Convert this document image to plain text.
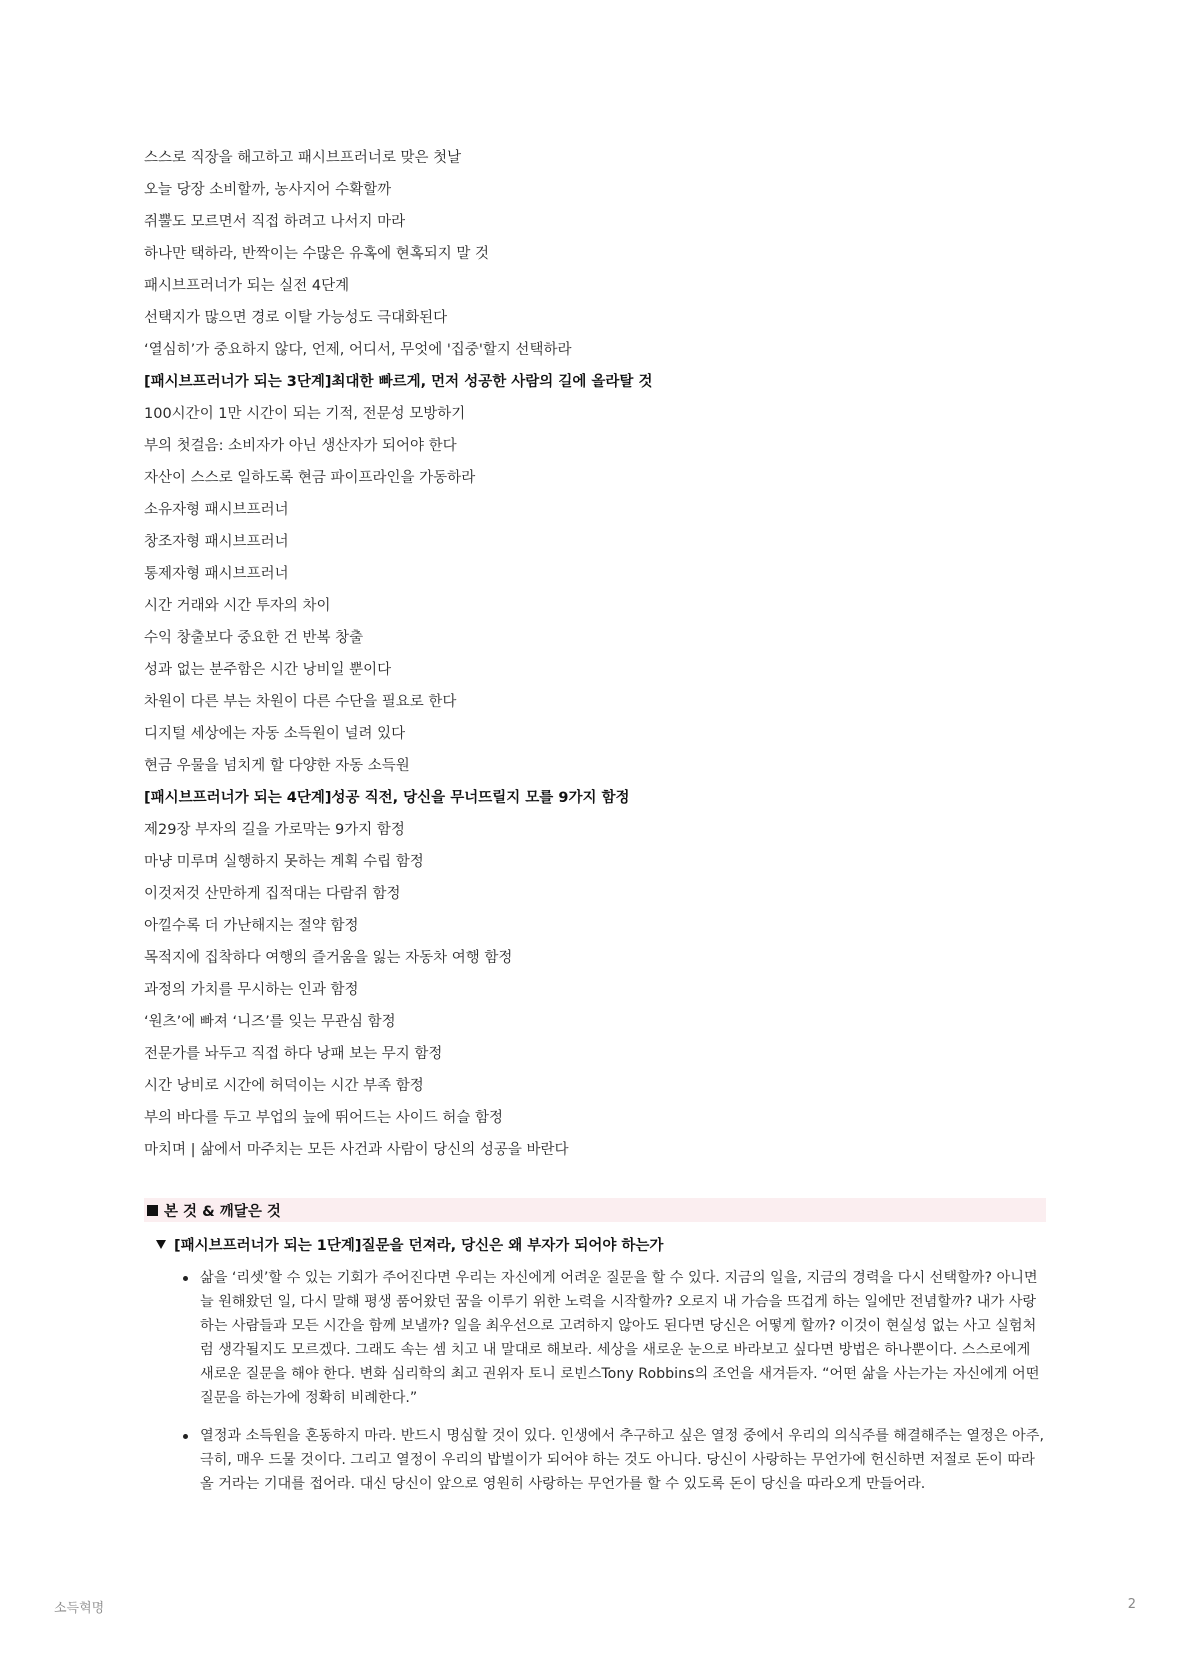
스스로 직장을 해고하고 패시브프러너로 맞은 첫날
오늘 당장 소비할까, 농사지어 수확할까
쥐뿔도 모르면서 직접 하려고 나서지 마라
하나만 택하라, 반짝이는 수많은 유혹에 현혹되지 말 것
패시브프러너가 되는 실전 4단계
선택지가 많으면 경로 이탈 가능성도 극대화된다
‘열심히’가 중요하지 않다, 언제, 어디서, 무엇에 '집중'할지 선택하라
[패시브프러너가 되는 3단계]최대한 빠르게, 먼저 성공한 사람의 길에 올라탈 것
100시간이 1만 시간이 되는 기적, 전문성 모방하기
부의 첫걸음: 소비자가 아닌 생산자가 되어야 한다
자산이 스스로 일하도록 현금 파이프라인을 가동하라
소유자형 패시브프러너
창조자형 패시브프러너
통제자형 패시브프러너
시간 거래와 시간 투자의 차이
수익 창출보다 중요한 건 반복 창출
성과 없는 분주함은 시간 낭비일 뿐이다
차원이 다른 부는 차원이 다른 수단을 필요로 한다
디지털 세상에는 자동 소득원이 널려 있다
현금 우물을 넘치게 할 다양한 자동 소득원
[패시브프러너가 되는 4단계]성공 직전, 당신을 무너뜨릴지 모를 9가지 함정
제29장 부자의 길을 가로막는 9가지 함정
마냥 미루며 실행하지 못하는 계획 수립 함정
이것저것 산만하게 집적대는 다람쥐 함정
아낄수록 더 가난해지는 절약 함정
목적지에 집착하다 여행의 즐거움을 잃는 자동차 여행 함정
과정의 가치를 무시하는 인과 함정
‘원츠’에 빠져 ‘니즈’를 잊는 무관심 함정
전문가를 놔두고 직접 하다 낭패 보는 무지 함정
시간 낭비로 시간에 허덕이는 시간 부족 함정
부의 바다를 두고 부업의 늪에 뛰어드는 사이드 허슬 함정
마치며 | 삶에서 마주치는 모든 사건과 사람이 당신의 성공을 바란다
본 것 & 깨달은 것
[패시브프러너가 되는 1단계]질문을 던져라, 당신은 왜 부자가 되어야 하는가
삶을 ‘리셋’할 수 있는 기회가 주어진다면 우리는 자신에게 어려운 질문을 할 수 있다. 지금의 일을, 지금의 경력을 다시 선택할까? 아니면 늘 원해왔던 일, 다시 말해 평생 품어왔던 꿈을 이루기 위한 노력을 시작할까? 오로지 내 가슴을 뜨겁게 하는 일에만 전념할까? 내가 사랑하는 사람들과 모든 시간을 함께 보낼까? 일을 최우선으로 고려하지 않아도 된다면 당신은 어떻게 할까? 이것이 현실성 없는 사고 실험처럼 생각될지도 모르겠다. 그래도 속는 셈 치고 내 말대로 해보라. 세상을 새로운 눈으로 바라보고 싶다면 방법은 하나뿐이다. 스스로에게 새로운 질문을 해야 한다. 변화 심리학의 최고 권위자 토니 로빈스Tony Robbins의 조언을 새겨듣자. “어떤 삶을 사는가는 자신에게 어떤 질문을 하는가에 정확히 비례한다.”
열정과 소득원을 혼동하지 마라. 반드시 명심할 것이 있다. 인생에서 추구하고 싶은 열정 중에서 우리의 의식주를 해결해주는 열정은 아주, 극히, 매우 드물 것이다. 그리고 열정이 우리의 밥벌이가 되어야 하는 것도 아니다. 당신이 사랑하는 무언가에 헌신하면 저절로 돈이 따라올 거라는 기대를 접어라. 대신 당신이 앞으로 영원히 사랑하는 무언가를 할 수 있도록 돈이 당신을 따라오게 만들어라.
소득혁명	2
